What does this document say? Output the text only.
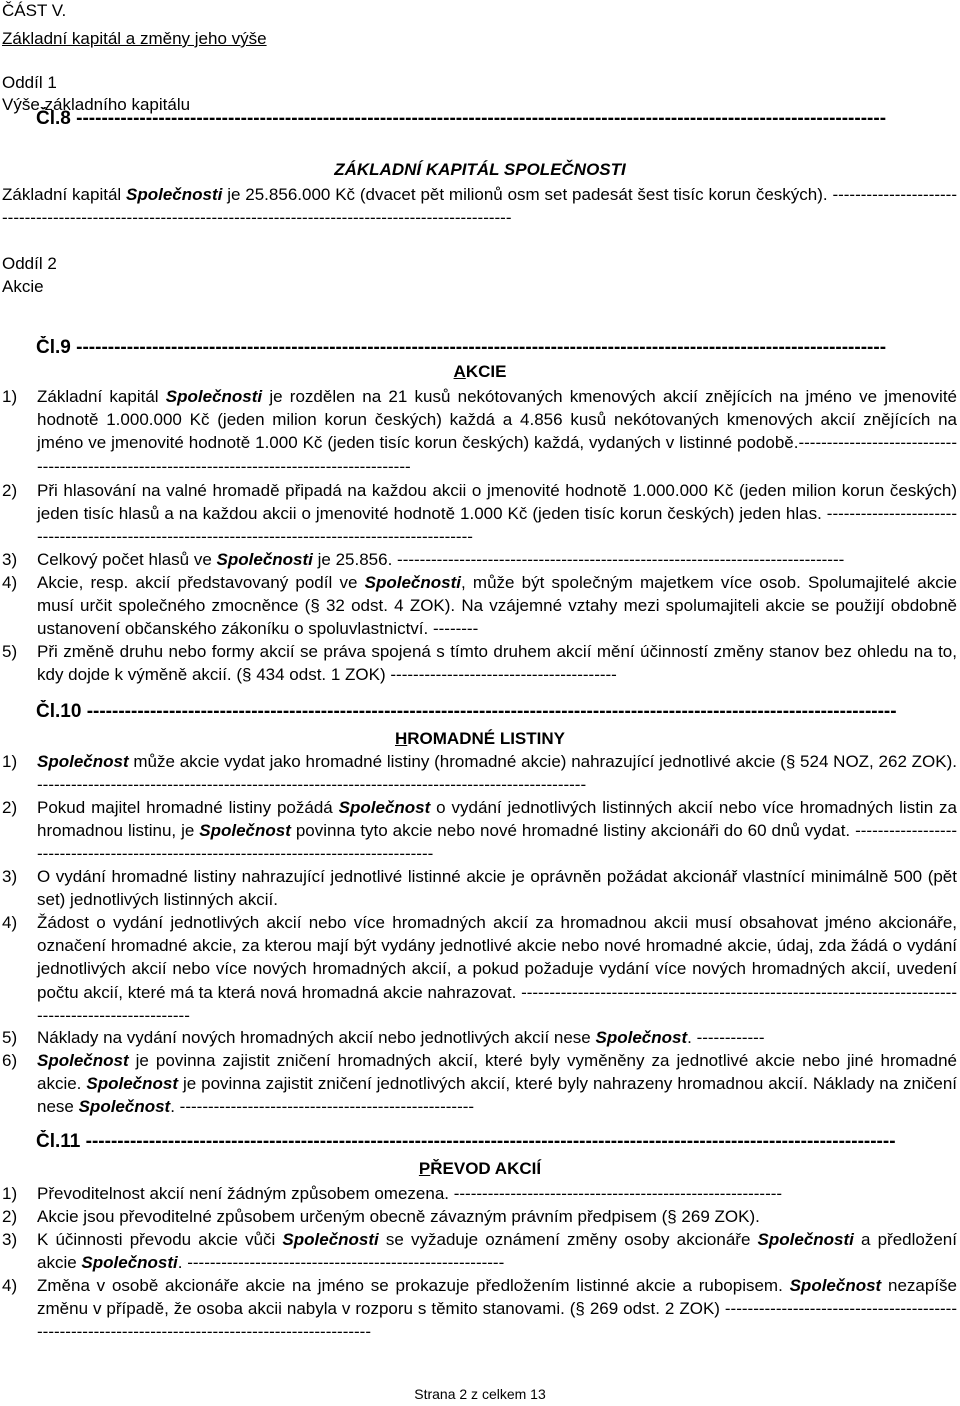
ČÁST V.
Základní kapitál a změny jeho výše
Oddíl 1
Výše základního kapitálu
Čl.8 --------------------------------------------------------------------------------------------------------------------------------
ZÁKLADNÍ KAPITÁL SPOLEČNOSTI
Základní kapitál Společnosti je 25.856.000 Kč (dvacet pět milionů osm set padesát šest tisíc korun českých). ----------------------------------------------------------------------------------------------------------------
Oddíl 2
Akcie
Čl.9 --------------------------------------------------------------------------------------------------------------------------------
AKCIE
1) Základní kapitál Společnosti je rozdělen na 21 kusů nekótovaných kmenových akcií znějících na jméno ve jmenovité hodnotě 1.000.000 Kč (jeden milion korun českých) každá a 4.856 kusů nekótovaných kmenových akcií znějících na jméno ve jmenovité hodnotě 1.000 Kč (jeden tisíc korun českých) každá, vydaných v listinné podobě.----------------------------------------------------------------------------------------------
2) Při hlasování na valné hromadě připadá na každou akcii o jmenovité hodnotě 1.000.000 Kč (jeden milion korun českých) jeden tisíc hlasů a na každou akcii o jmenovité hodnotě 1.000 Kč (jeden tisíc korun českých) jeden hlas. ----------------------------------------------------------------------------------------------------
3) Celkový počet hlasů ve Společnosti je 25.856. -------------------------------------------------------------------------------
4) Akcie, resp. akcií představovaný podíl ve Společnosti, může být společným majetkem více osob. Spolumajitelé akcie musí určit společného zmocněnce (§ 32 odst. 4 ZOK). Na vzájemné vztahy mezi spolumajiteli akcie se použijí obdobně ustanovení občanského zákoníku o spoluvlastnictví. --------
5) Při změně druhu nebo formy akcií se práva spojená s tímto druhem akcií mění účinností změny stanov bez ohledu na to, kdy dojde k výměně akcií. (§ 434 odst. 1 ZOK) ----------------------------------------
Čl.10 --------------------------------------------------------------------------------------------------------------------------------
HROMADNÉ LISTINY
1) Společnost může akcie vydat jako hromadné listiny (hromadné akcie) nahrazující jednotlivé akcie (§ 524 NOZ, 262 ZOK). -------------------------------------------------------------------------------------------------
2) Pokud majitel hromadné listiny požádá Společnost o vydání jednotlivých listinných akcií nebo více hromadných listin za hromadnou listinu, je Společnost povinna tyto akcie nebo nové hromadné listiny akcionáři do 60 dnů vydat. ----------------------------------------------------------------------------------------
3) O vydání hromadné listiny nahrazující jednotlivé listinné akcie je oprávněn požádat akcionář vlastnící minimálně 500 (pět set) jednotlivých listinných akcií.
4) Žádost o vydání jednotlivých akcií nebo více hromadných akcií za hromadnou akcii musí obsahovat jméno akcionáře, označení hromadné akcie, za kterou mají být vydány jednotlivé akcie nebo nové hromadné akcie, údaj, zda žádá o vydání jednotlivých akcií nebo více nových hromadných akcií, a pokud požaduje vydání více nových hromadných akcií, uvedení počtu akcií, které má ta která nová hromadná akcie nahrazovat. --------------------------------------------------------------------------------------------------------
5) Náklady na vydání nových hromadných akcií nebo jednotlivých akcií nese Společnost. ------------
6) Společnost je povinna zajistit zničení hromadných akcií, které byly vyměněny za jednotlivé akcie nebo jiné hromadné akcie. Společnost je povinna zajistit zničení jednotlivých akcií, které byly nahrazeny hromadnou akcií. Náklady na zničení nese Společnost. ----------------------------------------------------
Čl.11 --------------------------------------------------------------------------------------------------------------------------------
PŘEVOD AKCIÍ
1) Převoditelnost akcií není žádným způsobem omezena. ----------------------------------------------------------
2) Akcie jsou převoditelné způsobem určeným obecně závazným právním předpisem (§ 269 ZOK).
3) K účinnosti převodu akcie vůči Společnosti se vyžaduje oznámení změny osoby akcionáře Společnosti a předložení akcie Společnosti. --------------------------------------------------------
4) Změna v osobě akcionáře akcie na jméno se prokazuje předložením listinné akcie a rubopisem. Společnost nezapíše změnu v případě, že osoba akcii nabyla v rozporu s těmito stanovami. (§ 269 odst. 2 ZOK) ----------------------------------------------------------------------------------------------------
Strana 2 z celkem 13
